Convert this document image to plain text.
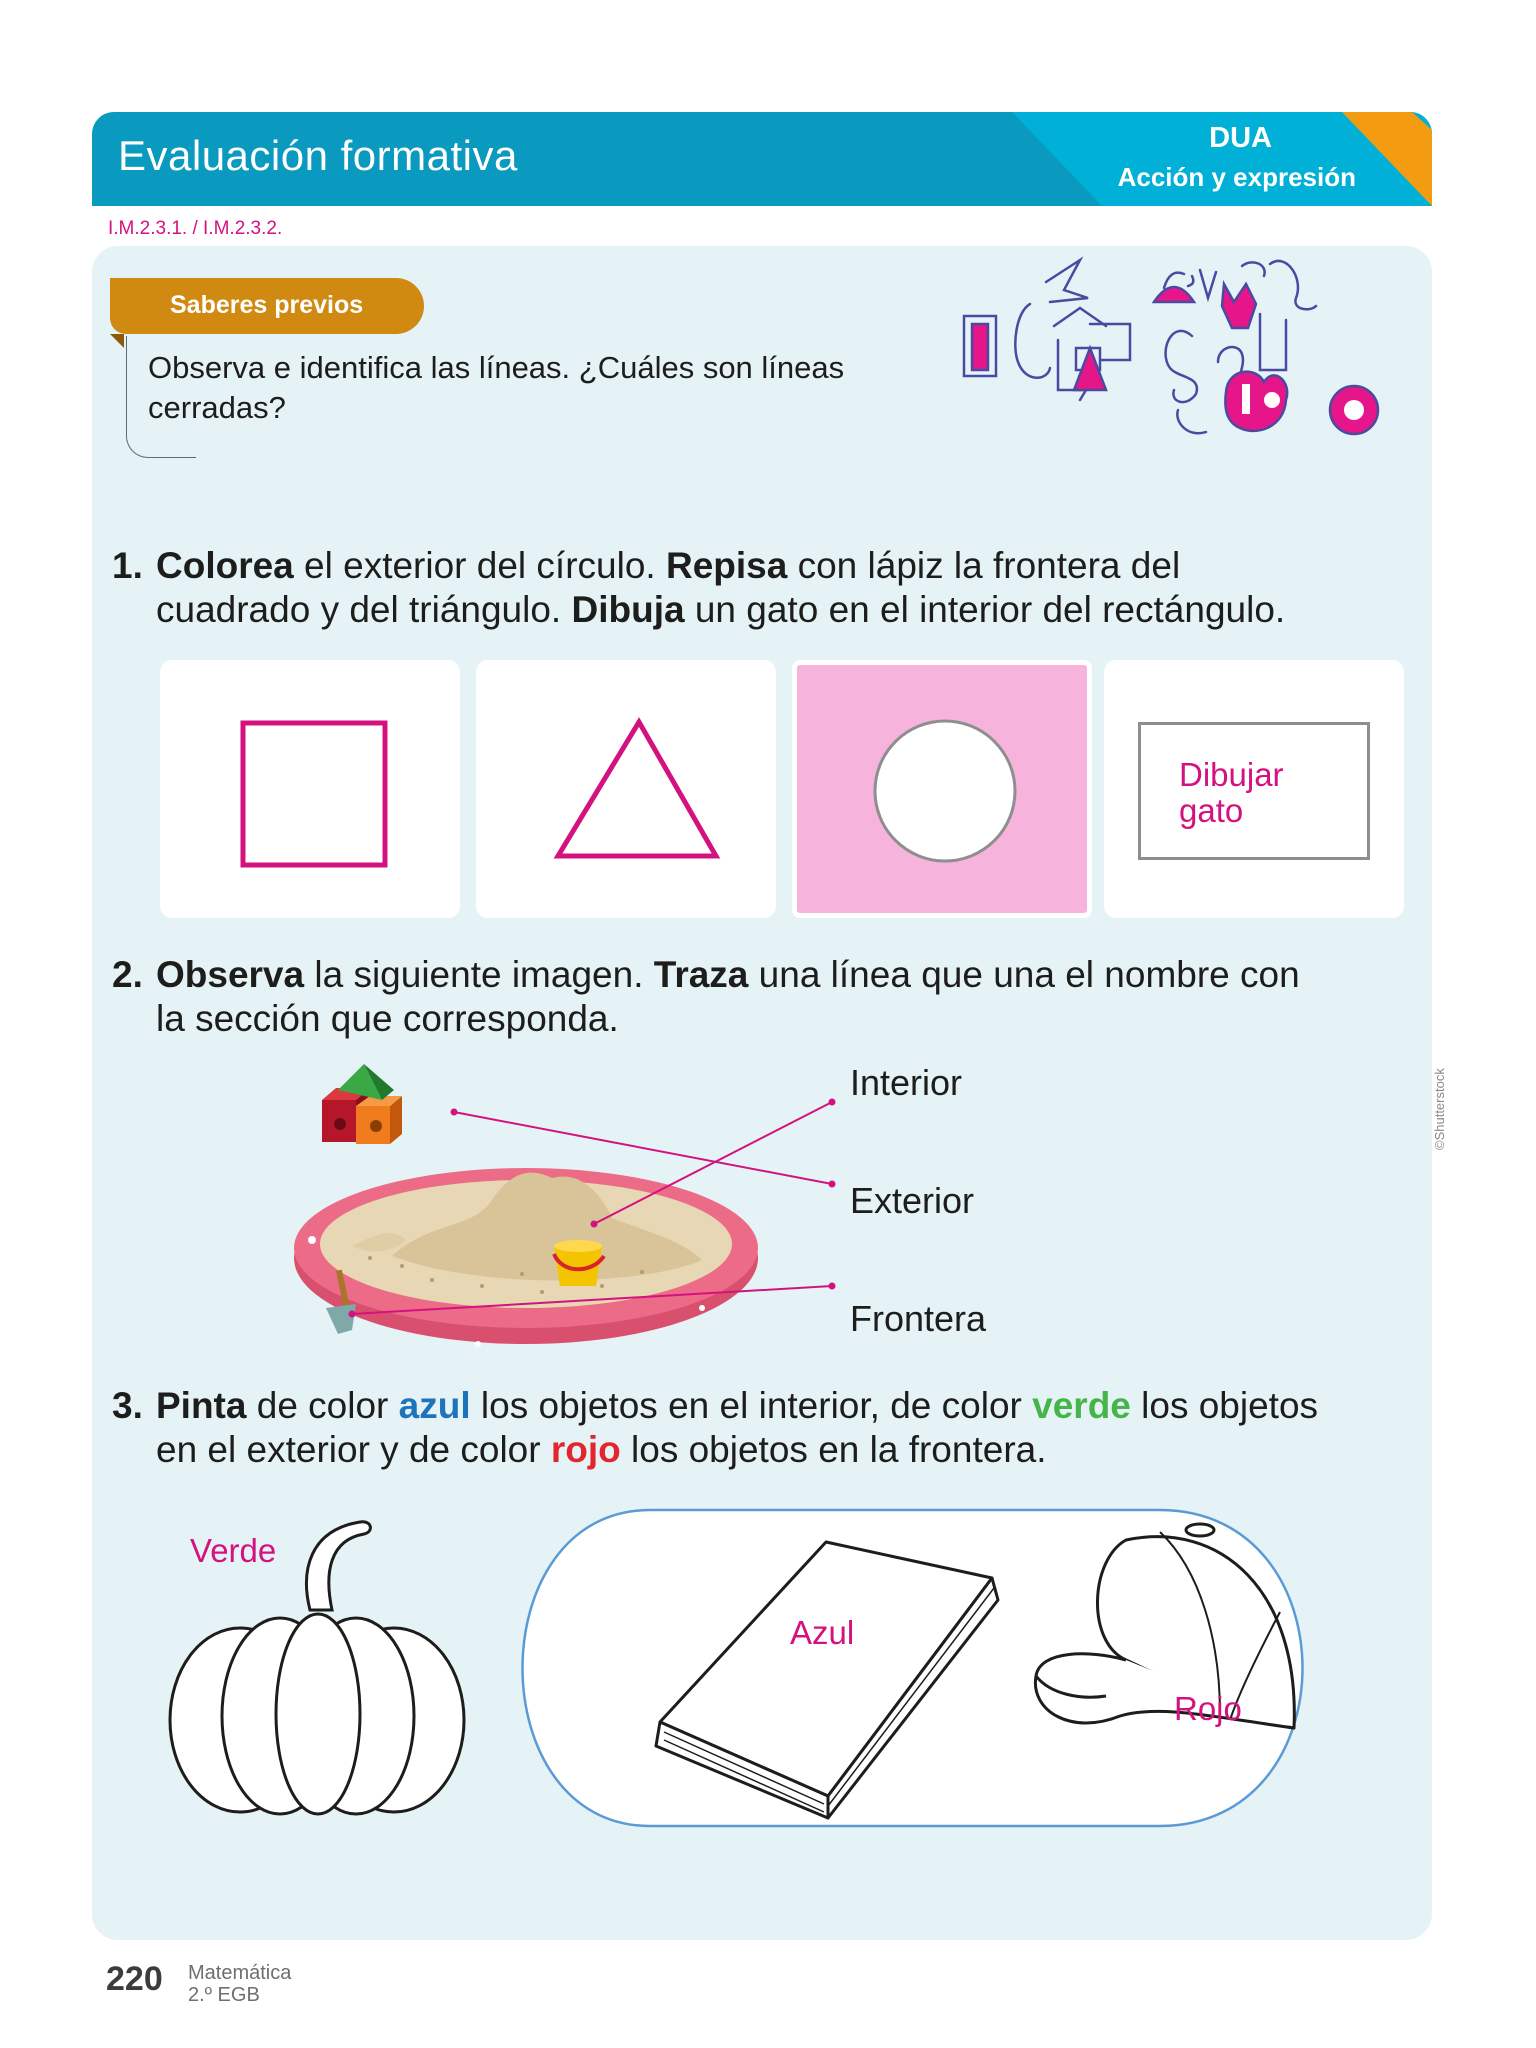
Evaluación formativa	DUA
Acción y expresión
I.M.2.3.1. / I.M.2.3.2.
Saberes previos
Observa e identifica las líneas. ¿Cuáles son líneas cerradas?
1. Colorea el exterior del círculo. Repisa con lápiz la frontera del
cuadrado y del triángulo. Dibuja un gato en el interior del rectángulo.
Dibujar
gato
2. Observa la siguiente imagen. Traza una línea que una el nombre con
la sección que corresponda.
Interior
Exterior
Frontera
©Shutterstock
3. Pinta de color azul los objetos en el interior, de color verde los objetos
en el exterior y de color rojo los objetos en la frontera.
Verde
Azul
Rojo
220 Matemática
2.º EGB
